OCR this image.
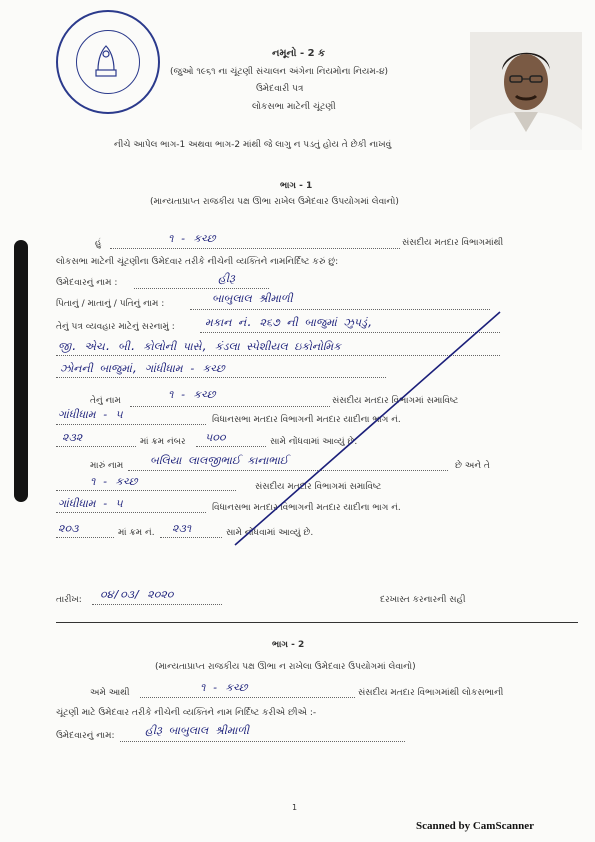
નમૂનો - 2 ક
(જુઓ ૧૯૬૧ ના ચૂંટણી સંચાલન અંગેના નિયમોના નિયમ-૪)
ઉમેદવારી પત્ર
લોકસભા માટેની ચૂંટણી
નીચે આપેલ ભાગ-1 અથવા ભાગ-2 માંથી જે લાગુ ન પડતું હોય તે છેકી નાખવું
ભાગ - 1
(માન્યતાપ્રાપ્ત રાજકીય પક્ષ ઊભા રાખેલ ઉમેદવાર ઉપયોગમાં લેવાનો)
હું	૧ - કચ્છ	સંસદીય મતદાર વિભાગમાંથી
લોકસભા માટેની ચૂંટણીના ઉમેદવાર તરીકે નીચેની વ્યક્તિને નામનિર્દિષ્ટ કરું છું:
ઉમેદવારનું નામ :	હીરૂ
પિતાનું / માતાનું / પતિનું નામ :	બાબુલાલ શ્રીમાળી
તેનું પત્ર વ્યવહાર માટેનું સરનામું :	મકાન નં. ૨૬૭ ની બાજુમાં ઝુપડું,
જી. એચ. બી. કોલોની પાસે, કંડલા સ્પેશીયલ ઇકોનોમિક
ઝોનની બાજુમાં, ગાંધીધામ - કચ્છ
તેનું નામ	૧ - કચ્છ	સંસદીય મતદાર વિભાગમાં સમાવિષ્ટ
ગાંધીધામ - ૫	વિધાનસભા મતદાર વિભાગની મતદાર યાદીના ભાગ નં.
૨૩૨	માં ક્રમ નંબર ૫૦૦	સામે નોંધવામાં આવ્યું છે.
મારું નામ બલિયા લાલજીભાઈ કાનાભાઈ	છે અને તે
૧ - કચ્છ	સંસદીય મતદાર વિભાગમાં સમાવિષ્ટ
ગાંધીધામ - ૫	વિધાનસભા મતદાર વિભાગની મતદાર યાદીના ભાગ નં.
૨૦૩	માં ક્રમ નં. ૨૩૧	સામે નોંધવામાં આવ્યું છે.
તારીખ: ૦૪/૦૩/ ૨૦૨૦	દરખાસ્ત કરનારની સહી
ભાગ - 2
(માન્યતાપ્રાપ્ત રાજકીય પક્ષ ઊભા ન રાખેલા ઉમેદવાર ઉપયોગમાં લેવાનો)
અમે આથી	૧ - કચ્છ	સંસદીય મતદાર વિભાગમાંથી લોકસભાની
ચૂંટણી માટે ઉમેદવાર તરીકે નીચેની વ્યક્તિને નામ નિર્દિષ્ટ કરીએ છીએ :-
ઉમેદવારનું નામ:	હીરૂ બાબુલાલ શ્રીમાળી
1
Scanned by CamScanner
